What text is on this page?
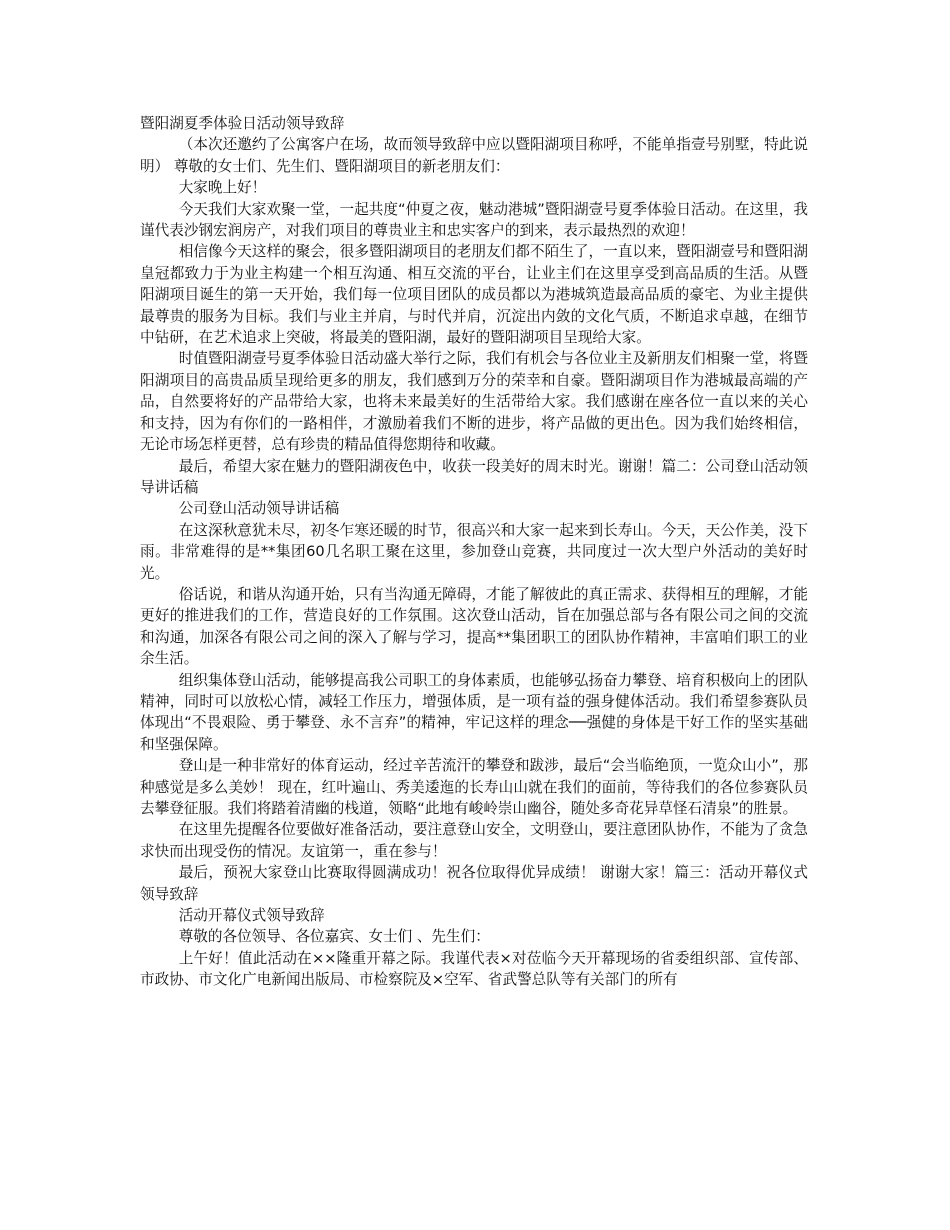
暨阳湖夏季体验日活动领导致辞

（本次还邀约了公寓客户在场，故而领导致辞中应以暨阳湖项目称呼，不能单指壹号别墅，特此说明） 尊敬的女士们、先生们、暨阳湖项目的新老朋友们：

大家晚上好！

今天我们大家欢聚一堂，一起共度“仲夏之夜，魅动港城”暨阳湖壹号夏季体验日活动。在这里，我谨代表沙钢宏润房产，对我们项目的尊贵业主和忠实客户的到来，表示最热烈的欢迎！

相信像今天这样的聚会，很多暨阳湖项目的老朋友们都不陌生了，一直以来，暨阳湖壹号和暨阳湖皇冠都致力于为业主构建一个相互沟通、相互交流的平台，让业主们在这里享受到高品质的生活。从暨阳湖项目诞生的第一天开始，我们每一位项目团队的成员都以为港城筑造最高品质的豪宅、为业主提供最尊贵的服务为目标。我们与业主并肩，与时代并肩，沉淀出内敛的文化气质，不断追求卓越，在细节中钻研，在艺术追求上突破，将最美的暨阳湖，最好的暨阳湖项目呈现给大家。

时值暨阳湖壹号夏季体验日活动盛大举行之际，我们有机会与各位业主及新朋友们相聚一堂，将暨阳湖项目的高贵品质呈现给更多的朋友，我们感到万分的荣幸和自豪。暨阳湖项目作为港城最高端的产品，自然要将好的产品带给大家，也将未来最美好的生活带给大家。我们感谢在座各位一直以来的关心和支持，因为有你们的一路相伴，才激励着我们不断的进步，将产品做的更出色。因为我们始终相信，无论市场怎样更替，总有珍贵的精品值得您期待和收藏。

最后，希望大家在魅力的暨阳湖夜色中，收获一段美好的周末时光。谢谢！篇二：公司登山活动领导讲话稿

公司登山活动领导讲话稿

在这深秋意犹未尽，初冬乍寒还暖的时节，很高兴和大家一起来到长寿山。今天，天公作美，没下雨。非常难得的是**集团60几名职工聚在这里，参加登山竞赛，共同度过一次大型户外活动的美好时光。

俗话说，和谐从沟通开始，只有当沟通无障碍，才能了解彼此的真正需求、获得相互的理解，才能更好的推进我们的工作，营造良好的工作氛围。这次登山活动，旨在加强总部与各有限公司之间的交流和沟通，加深各有限公司之间的深入了解与学习，提高**集团职工的团队协作精神，丰富咱们职工的业余生活。

组织集体登山活动，能够提高我公司职工的身体素质，也能够弘扬奋力攀登、培育积极向上的团队精神，同时可以放松心情，减轻工作压力，增强体质，是一项有益的强身健体活动。我们希望参赛队员体现出“不畏艰险、勇于攀登、永不言弃”的精神，牢记这样的理念──强健的身体是干好工作的坚实基础和坚强保障。

登山是一种非常好的体育运动，经过辛苦流汗的攀登和跋涉，最后“会当临绝顶，一览众山小”，那种感觉是多么美妙！ 现在，红叶遍山、秀美逶迤的长寿山山就在我们的面前，等待我们的各位参赛队员去攀登征服。我们将踏着清幽的栈道，领略“此地有峻岭崇山幽谷，随处多奇花异草怪石清泉”的胜景。

在这里先提醒各位要做好准备活动，要注意登山安全，文明登山，要注意团队协作，不能为了贪急求快而出现受伤的情况。友谊第一，重在参与！

最后，预祝大家登山比赛取得圆满成功！祝各位取得优异成绩！ 谢谢大家！篇三：活动开幕仪式领导致辞

活动开幕仪式领导致辞

尊敬的各位领导、各位嘉宾、女士们 、先生们：

上午好！值此活动在××隆重开幕之际。我谨代表×对莅临今天开幕现场的省委组织部、宣传部、市政协、市文化广电新闻出版局、市检察院及×空军、省武警总队等有关部门的所有
